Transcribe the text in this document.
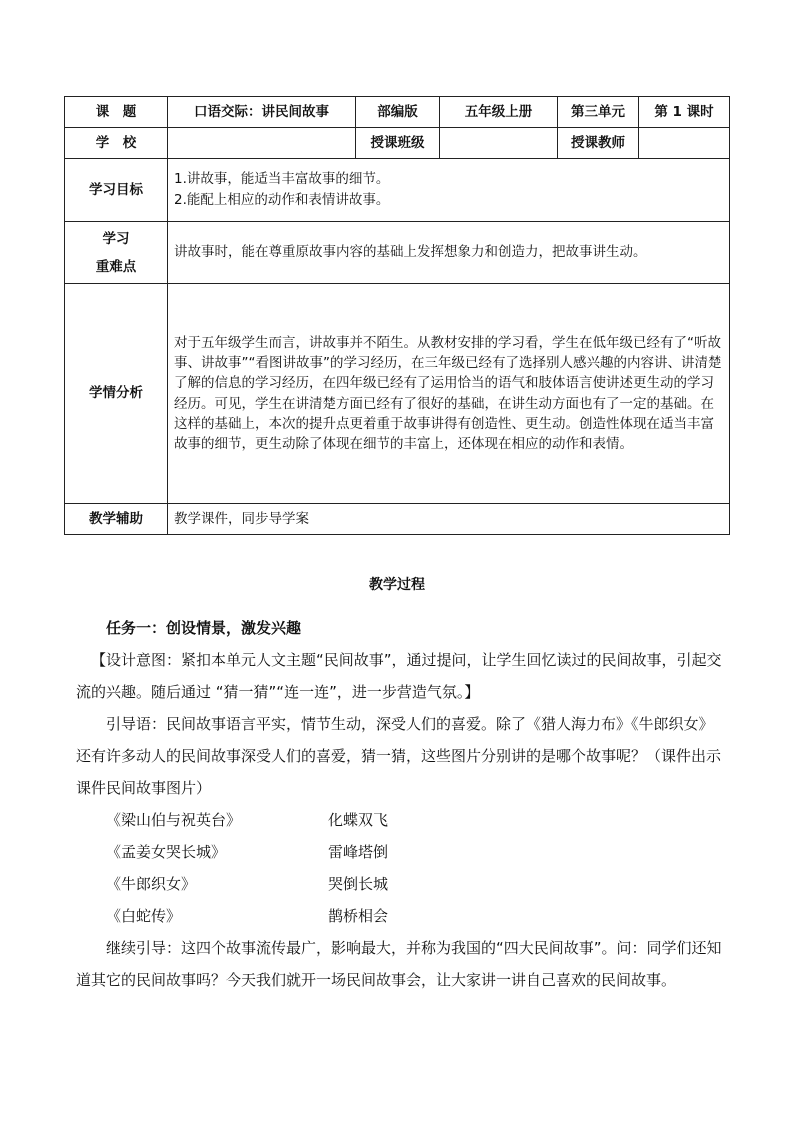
课　题	口语交际：讲民间故事	部编版	五年级上册	第三单元	第 1 课时
学　校		授课班级		授课教师	
学习目标	1.讲故事，能适当丰富故事的细节。
2.能配上相应的动作和表情讲故事。				

学习
重难点	讲故事时，能在尊重原故事内容的基础上发挥想象力和创造力，把故事讲生动。				
学情分析	对于五年级学生而言，讲故事并不陌生。从教材安排的学习看，学生在低年级已经有了“听故事、讲故事”“看图讲故事”的学习经历，在三年级已经有了选择别人感兴趣的内容讲、讲清楚了解的信息的学习经历，在四年级已经有了运用恰当的语气和肢体语言使讲述更生动的学习经历。可见，学生在讲清楚方面已经有了很好的基础，在讲生动方面也有了一定的基础。在这样的基础上，本次的提升点更着重于故事讲得有创造性、更生动。创造性体现在适当丰富故事的细节，更生动除了体现在细节的丰富上，还体现在相应的动作和表情。				
教学辅助	教学课件，同步导学案				
教学过程

任务一：创设情景，激发兴趣

【设计意图：紧扣本单元人文主题“民间故事”，通过提问，让学生回忆读过的民间故事，引起交流的兴趣。随后通过 “猜一猜”“连一连”，进一步营造气氛。】

引导语：民间故事语言平实，情节生动，深受人们的喜爱。除了《猎人海力布》《牛郎织女》 还有许多动人的民间故事深受人们的喜爱，猜一猜，这些图片分别讲的是哪个故事呢？（课件出示课件民间故事图片）

《梁山伯与祝英台》	化蝶双飞
《孟姜女哭长城》	雷峰塔倒
《牛郎织女》	哭倒长城
《白蛇传》	鹊桥相会

继续引导：这四个故事流传最广，影响最大，并称为我国的“四大民间故事”。问：同学们还知道其它的民间故事吗？今天我们就开一场民间故事会，让大家讲一讲自己喜欢的民间故事。
